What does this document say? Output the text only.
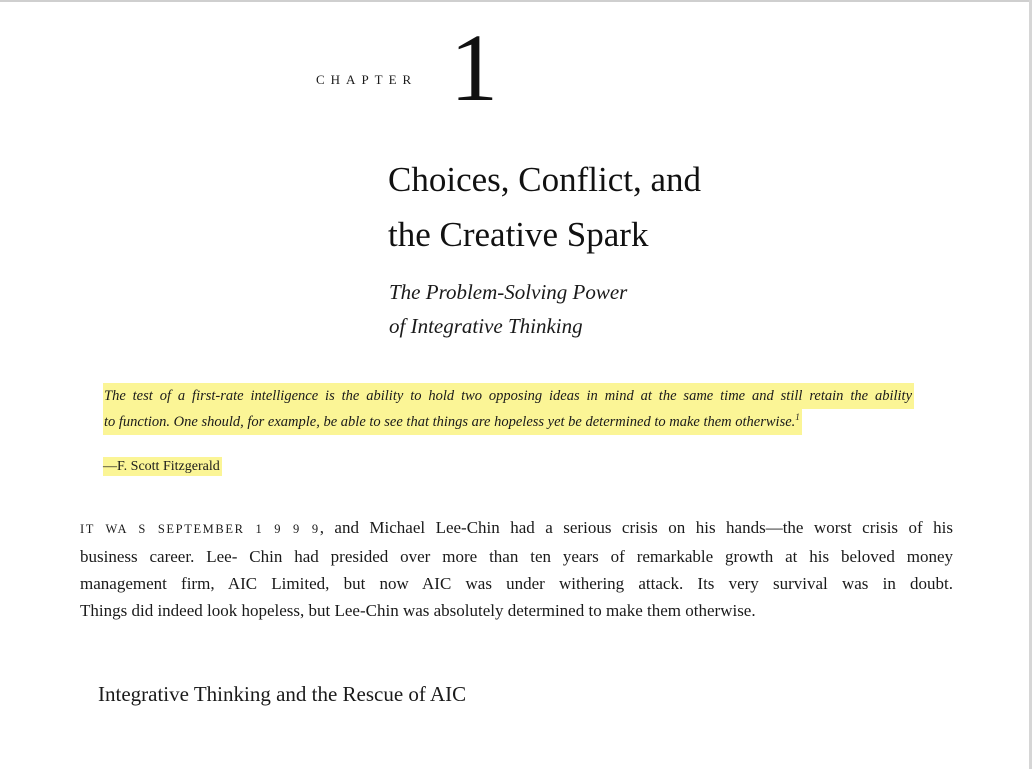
CHAPTER 1
Choices, Conflict, and
the Creative Spark
The Problem-Solving Power
of Integrative Thinking
The test of a first-rate intelligence is the ability to hold two opposing ideas in mind at the same time and still retain the ability
to function. One should, for example, be able to see that things are hopeless yet be determined to make them otherwise.$^1$
—F. Scott Fitzgerald
IT WA S SEPTEMBER 1 9 9 9, and Michael Lee-Chin had a serious crisis on his hands—the worst crisis of his
business career. Lee- Chin had presided over more than ten years of remarkable growth at his beloved money
management firm, AIC Limited, but now AIC was under withering attack. Its very survival was in doubt.
Things did indeed look hopeless, but Lee-Chin was absolutely determined to make them otherwise.
Integrative Thinking and the Rescue of AIC
